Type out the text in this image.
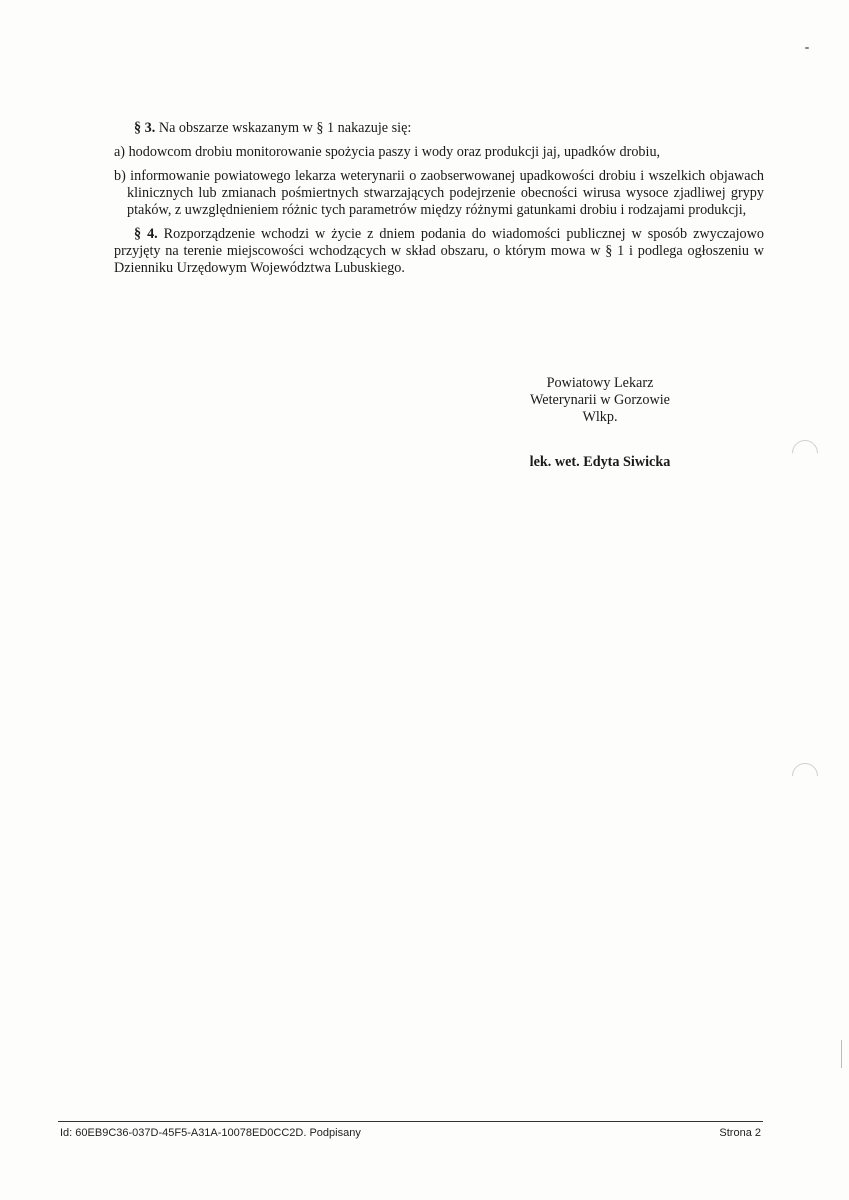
§ 3. Na obszarze wskazanym w § 1 nakazuje się:

a) hodowcom drobiu monitorowanie spożycia paszy i wody oraz produkcji jaj, upadków drobiu,

b) informowanie powiatowego lekarza weterynarii o zaobserwowanej upadkowości drobiu i wszelkich objawach klinicznych lub zmianach pośmiertnych stwarzających podejrzenie obecności wirusa wysoce zjadliwej grypy ptaków, z uwzględnieniem różnic tych parametrów między różnymi gatunkami drobiu i rodzajami produkcji,

§ 4. Rozporządzenie wchodzi w życie z dniem podania do wiadomości publicznej w sposób zwyczajowo przyjęty na terenie miejscowości wchodzących w skład obszaru, o którym mowa w § 1 i podlega ogłoszeniu w Dzienniku Urzędowym Województwa Lubuskiego.

Powiatowy Lekarz
Weterynarii w Gorzowie
Wlkp.
lek. wet. Edyta Siwicka
Id: 60EB9C36-037D-45F5-A31A-10078ED0CC2D. Podpisany	Strona 2
